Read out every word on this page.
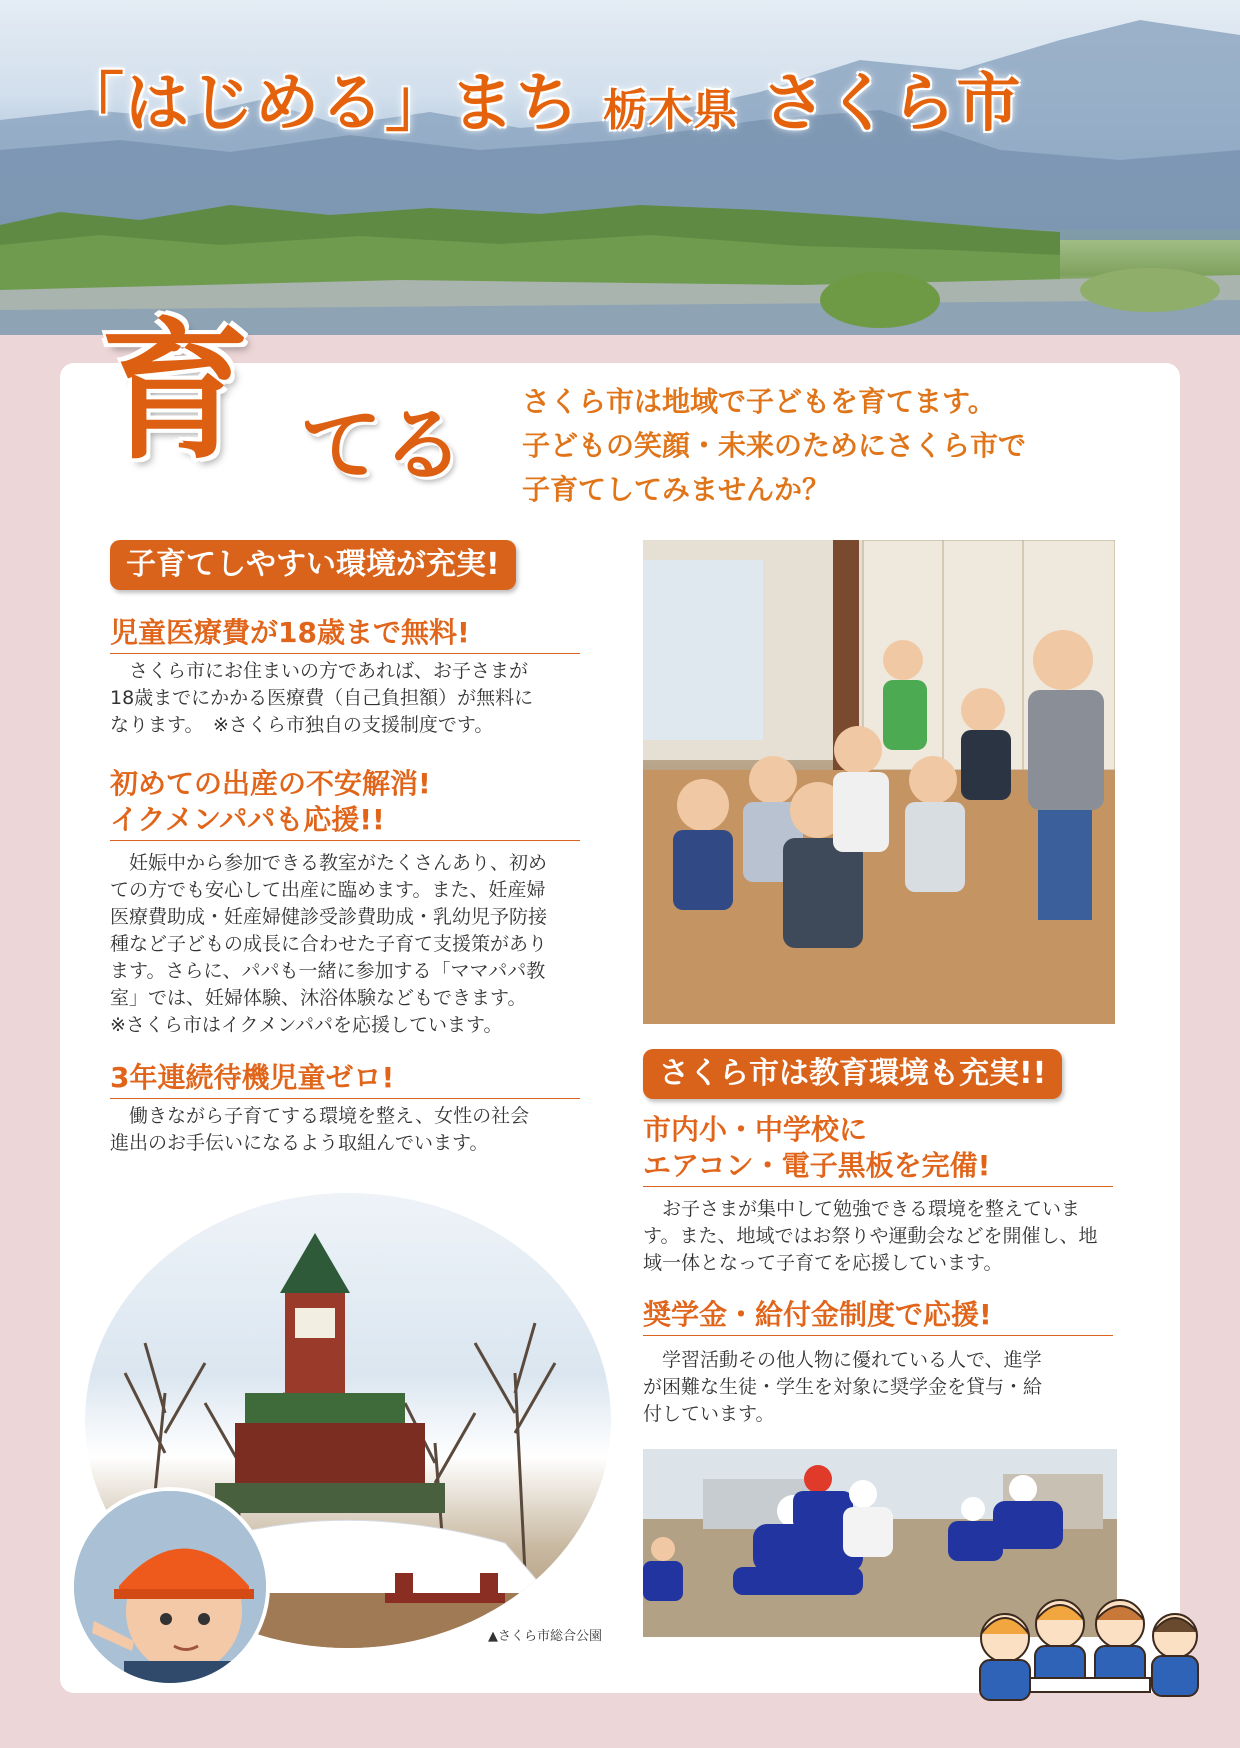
「はじめる」まち 栃木県 さくら市
育 てる さくら市は地域で子どもを育てます。
子どもの笑顔・未来のためにさくら市で
子育てしてみませんか？
子育てしやすい環境が充実!
児童医療費が18歳まで無料!
　さくら市にお住まいの方であれば、お子さまが
18歳までにかかる医療費（自己負担額）が無料に
なります。　※さくら市独自の支援制度です。
初めての出産の不安解消!
イクメンパパも応援!!
　妊娠中から参加できる教室がたくさんあり、初め
ての方でも安心して出産に臨めます。また、妊産婦
医療費助成・妊産婦健診受診費助成・乳幼児予防接
種など子どもの成長に合わせた子育て支援策があり
ます。さらに、パパも一緒に参加する「ママパパ教
室」では、妊婦体験、沐浴体験などもできます。
※さくら市はイクメンパパを応援しています。
3年連続待機児童ゼロ!
　働きながら子育てする環境を整え、女性の社会
進出のお手伝いになるよう取組んでいます。
▲さくら市総合公園
さくら市は教育環境も充実!!
市内小・中学校に
エアコン・電子黒板を完備!
　お子さまが集中して勉強できる環境を整えていま
す。また、地域ではお祭りや運動会などを開催し、地
域一体となって子育てを応援しています。
奨学金・給付金制度で応援!
　学習活動その他人物に優れている人で、進学
が困難な生徒・学生を対象に奨学金を貸与・給
付しています。
